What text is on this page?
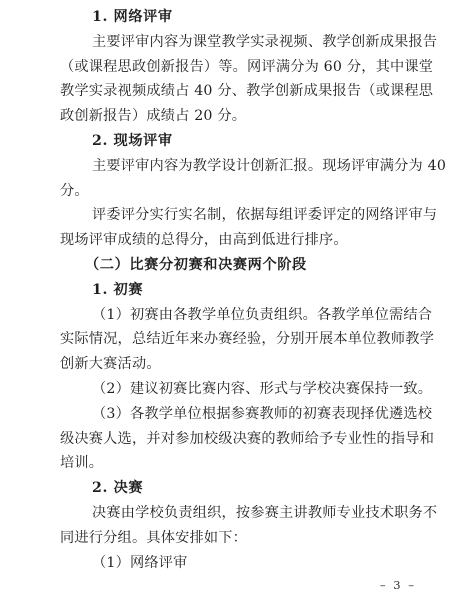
1. 网络评审
主要评审内容为课堂教学实录视频、教学创新成果报告
（或课程思政创新报告）等。网评满分为 60 分，其中课堂
教学实录视频成绩占 40 分、教学创新成果报告（或课程思
政创新报告）成绩占 20 分。
2. 现场评审
主要评审内容为教学设计创新汇报。现场评审满分为 40
分。
评委评分实行实名制，依据每组评委评定的网络评审与
现场评审成绩的总得分，由高到低进行排序。
（二）比赛分初赛和决赛两个阶段
1. 初赛
（1）初赛由各教学单位负责组织。各教学单位需结合
实际情况，总结近年来办赛经验，分别开展本单位教师教学
创新大赛活动。
（2）建议初赛比赛内容、形式与学校决赛保持一致。
（3）各教学单位根据参赛教师的初赛表现择优遴选校
级决赛人选，并对参加校级决赛的教师给予专业性的指导和
培训。
2. 决赛
决赛由学校负责组织，按参赛主讲教师专业技术职务不
同进行分组。具体安排如下：
（1）网络评审
– 3 –
